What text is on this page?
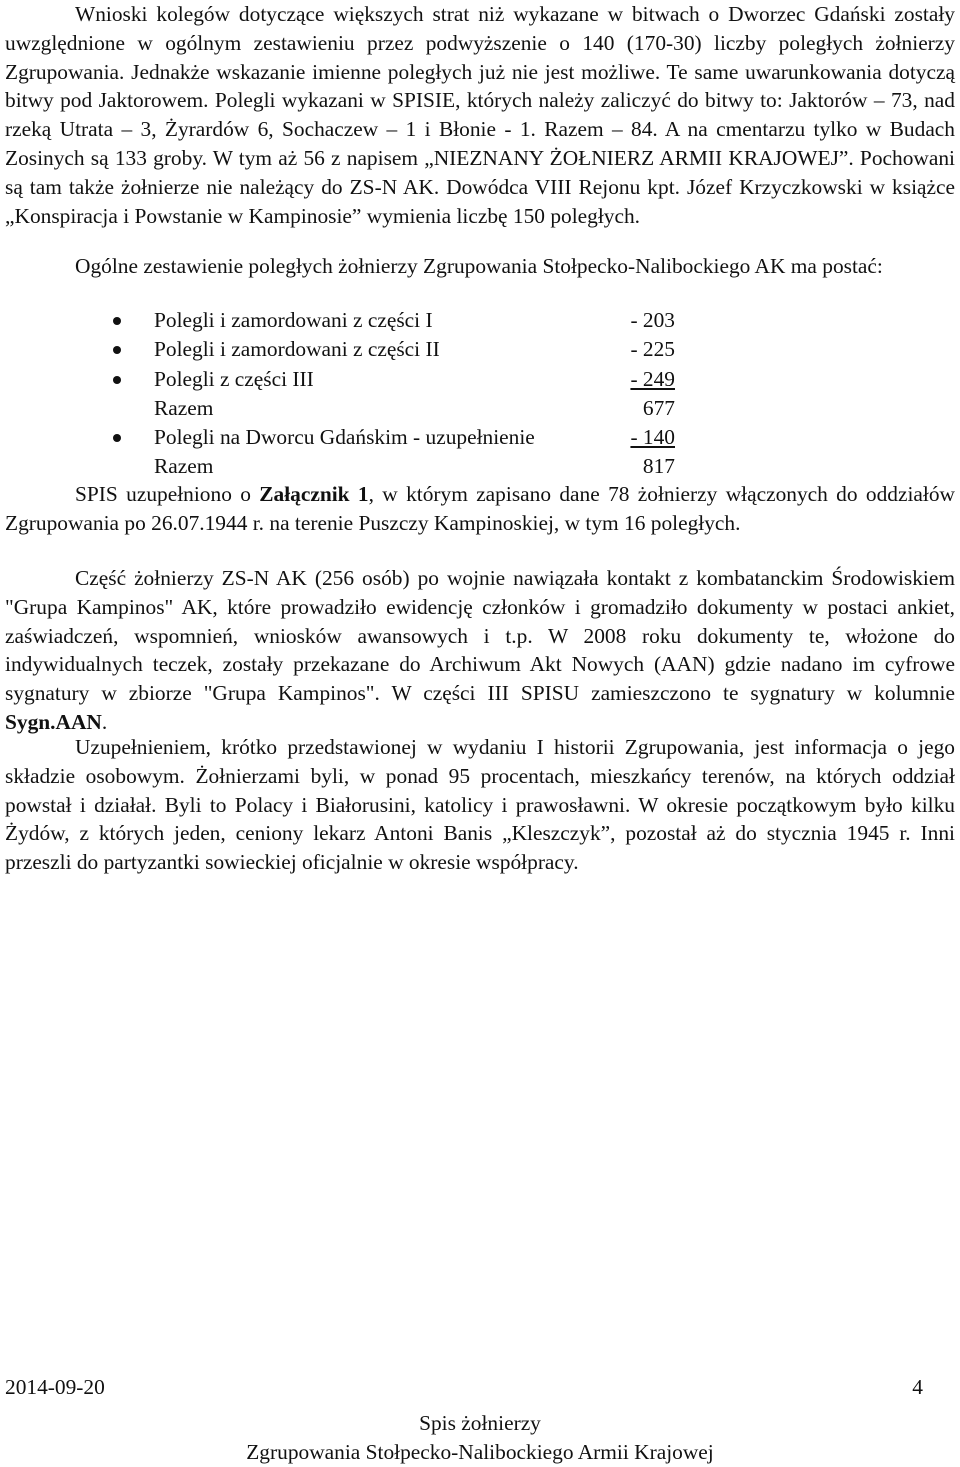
Wnioski kolegów dotyczące większych strat niż wykazane w bitwach o Dworzec Gdański zostały uwzględnione w ogólnym zestawieniu przez podwyższenie o 140 (170-30) liczby poległych żołnierzy Zgrupowania. Jednakże wskazanie imienne poległych już nie jest możliwe. Te same uwarunkowania dotyczą bitwy pod Jaktorowem. Polegli wykazani w SPISIE, których należy zaliczyć do bitwy to: Jaktorów – 73, nad rzeką Utrata – 3, Żyrardów 6, Sochaczew – 1 i Błonie - 1. Razem – 84. A na cmentarzu tylko w Budach Zosinych są 133 groby. W tym aż 56 z napisem „NIEZNANY ŻOŁNIERZ ARMII KRAJOWEJ”. Pochowani są tam także żołnierze nie należący do ZS-N AK. Dowódca VIII Rejonu kpt. Józef Krzyczkowski w książce „Konspiracja i Powstanie w Kampinosie” wymienia liczbę 150 poległych.

Ogólne zestawienie poległych żołnierzy Zgrupowania Stołpecko-Nalibockiego AK ma postać:

Polegli i zamordowani z części I	- 203
Polegli i zamordowani z części II	- 225
Polegli z części III	- 249
Razem	677
Polegli na Dworcu Gdańskim - uzupełnienie	- 140
Razem	817

SPIS uzupełniono o Załącznik 1, w którym zapisano dane 78 żołnierzy włączonych do oddziałów Zgrupowania po 26.07.1944 r. na terenie Puszczy Kampinoskiej, w tym 16 poległych.

Część żołnierzy ZS-N AK (256 osób) po wojnie nawiązała kontakt z kombatanckim Środowiskiem "Grupa Kampinos" AK, które prowadziło ewidencję członków i gromadziło dokumenty w postaci ankiet, zaświadczeń, wspomnień, wniosków awansowych i t.p. W 2008 roku dokumenty te, włożone do indywidualnych teczek, zostały przekazane do Archiwum Akt Nowych (AAN) gdzie nadano im cyfrowe sygnatury w zbiorze "Grupa Kampinos". W części III SPISU zamieszczono te sygnatury w kolumnie Sygn.AAN.

Uzupełnieniem, krótko przedstawionej w wydaniu I historii Zgrupowania, jest informacja o jego składzie osobowym. Żołnierzami byli, w ponad 95 procentach, mieszkańcy terenów, na których oddział powstał i działał. Byli to Polacy i Białorusini, katolicy i prawosławni. W okresie początkowym było kilku Żydów, z których jeden, ceniony lekarz Antoni Banis „Kleszczyk”, pozostał aż do stycznia 1945 r. Inni przeszli do partyzantki sowieckiej oficjalnie w okresie współpracy.

2014-09-20	4
Spis żołnierzy
Zgrupowania Stołpecko-Nalibockiego Armii Krajowej
